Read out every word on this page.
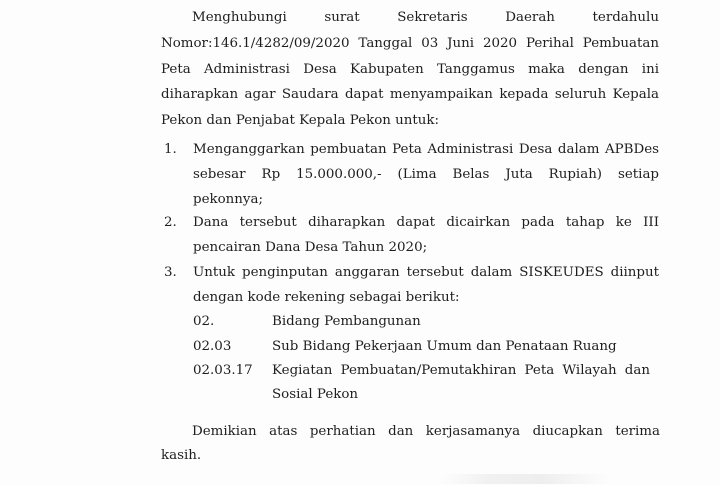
Menghubungi	surat	Sekretaris	Daerah	terdahulu
Nomor:146.1/4282/09/2020 Tanggal 03 Juni 2020 Perihal Pembuatan
Peta Administrasi Desa Kabupaten Tanggamus maka dengan ini
diharapkan agar Saudara dapat menyampaikan kepada seluruh Kepala
Pekon dan Penjabat Kepala Pekon untuk:
1. Menganggarkan pembuatan Peta Administrasi Desa dalam APBDes
sebesar Rp 15.000.000,- (Lima Belas Juta Rupiah) setiap
pekonnya;
2. Dana tersebut diharapkan dapat dicairkan pada tahap ke III
pencairan Dana Desa Tahun 2020;
3. Untuk penginputan anggaran tersebut dalam SISKEUDES diinput
dengan kode rekening sebagai berikut:
02.	Bidang Pembangunan
02.03	Sub Bidang Pekerjaan Umum dan Penataan Ruang
02.03.17 Kegiatan Pembuatan/Pemutakhiran Peta Wilayah dan
Sosial Pekon
Demikian atas perhatian dan kerjasamanya diucapkan terima
kasih.
